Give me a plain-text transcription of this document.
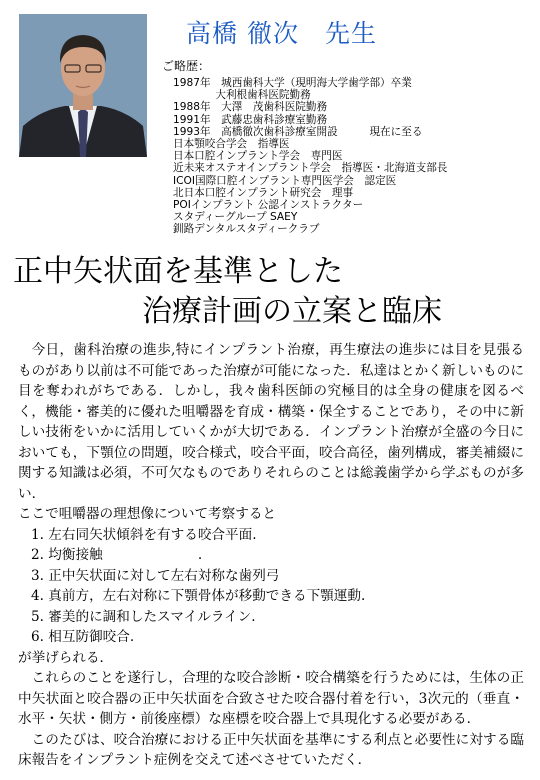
高橋 徹次　先生
ご略歴：
1987年　城西歯科大学（現明海大学歯学部）卒業
　　　　大利根歯科医院勤務
1988年　大澤　茂歯科医院勤務
1991年　武藤忠歯科診療室勤務
1993年　高橋徹次歯科診療室開設　　　現在に至る
日本顎咬合学会　指導医
日本口腔インプラント学会　専門医
近未来オステオインプラント学会　指導医・北海道支部長
ICOI国際口腔インプラント専門医学会　認定医
北日本口腔インプラント研究会　理事
POIインプラント 公認インストラクター
スタディーグループ SAEY
釧路デンタルスタディークラブ
正中矢状面を基準とした
治療計画の立案と臨床

今日，歯科治療の進歩,特にインプラント治療，再生療法の進歩には目を見張るものがあり以前は不可能であった治療が可能になった．私達はとかく新しいものに目を奪われがちである．しかし，我々歯科医師の究極目的は全身の健康を図るべく，機能・審美的に優れた咀嚼器を育成・構築・保全することであり，その中に新しい技術をいかに活用していくかが大切である．インプラント治療が全盛の今日においても，下顎位の問題，咬合様式，咬合平面，咬合高径，歯列構成，審美補綴に関する知識は必須，不可欠なものでありそれらのことは総義歯学から学ぶものが多い．

ここで咀嚼器の理想像について考察すると

1. 左右同矢状傾斜を有する咬合平面.
2. 均衡接触　　　　　　　.
3. 正中矢状面に対して左右対称な歯列弓
4. 真前方，左右対称に下顎骨体が移動できる下顎運動.
5. 審美的に調和したスマイルライン.
6. 相互防御咬合.

が挙げられる．

これらのことを遂行し，合理的な咬合診断・咬合構築を行うためには，生体の正中矢状面と咬合器の正中矢状面を合致させた咬合器付着を行い，3次元的（垂直・水平・矢状・側方・前後座標）な座標を咬合器上で具現化する必要がある．

このたびは、咬合治療における正中矢状面を基準にする利点と必要性に対する臨床報告をインプラント症例を交えて述べさせていただく．
